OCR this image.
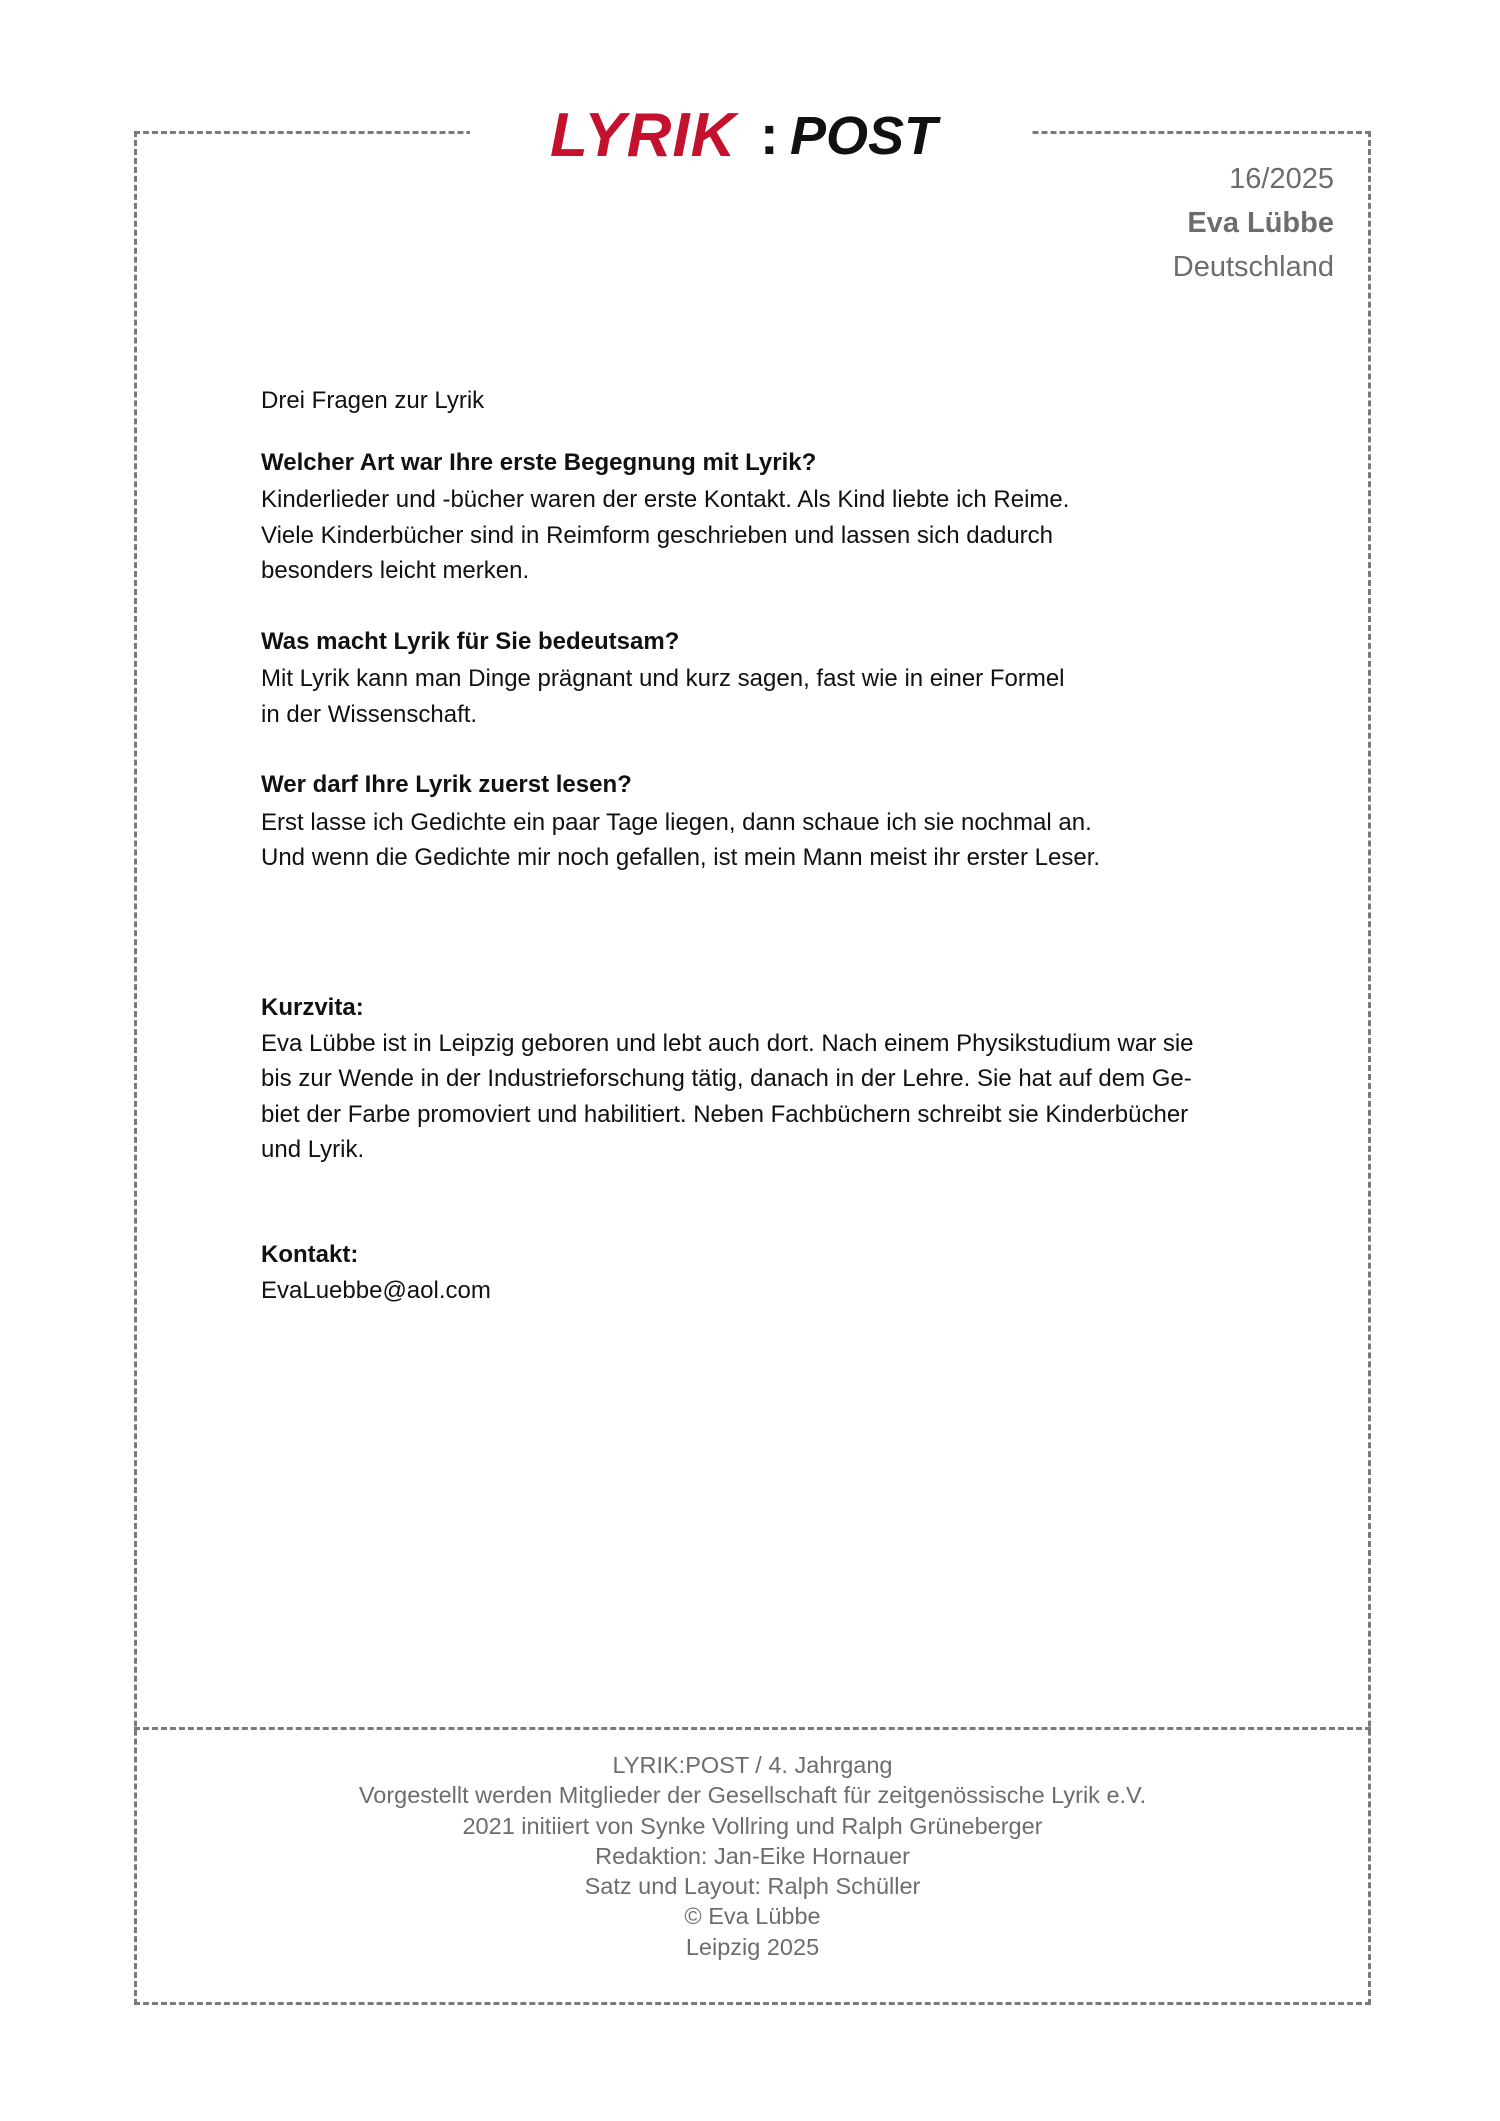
LYRIK : POST
16/2025
Eva Lübbe
Deutschland

Drei Fragen zur Lyrik

Welcher Art war Ihre erste Begegnung mit Lyrik?

Kinderlieder und -bücher waren der erste Kontakt. Als Kind liebte ich Reime.
Viele Kinderbücher sind in Reimform geschrieben und lassen sich dadurch
besonders leicht merken.

Was macht Lyrik für Sie bedeutsam?

Mit Lyrik kann man Dinge prägnant und kurz sagen, fast wie in einer Formel
in der Wissenschaft.

Wer darf Ihre Lyrik zuerst lesen?

Erst lasse ich Gedichte ein paar Tage liegen, dann schaue ich sie nochmal an.
Und wenn die Gedichte mir noch gefallen, ist mein Mann meist ihr erster Leser.

Kurzvita:
Eva Lübbe ist in Leipzig geboren und lebt auch dort. Nach einem Physikstudium war sie
bis zur Wende in der Industrieforschung tätig, danach in der Lehre. Sie hat auf dem Ge-
biet der Farbe promoviert und habilitiert. Neben Fachbüchern schreibt sie Kinderbücher
und Lyrik.
Kontakt:
EvaLuebbe@aol.com
LYRIK:POST / 4. Jahrgang
Vorgestellt werden Mitglieder der Gesellschaft für zeitgenössische Lyrik e.V.
2021 initiiert von Synke Vollring und Ralph Grüneberger
Redaktion: Jan-Eike Hornauer
Satz und Layout: Ralph Schüller
© Eva Lübbe
Leipzig 2025
